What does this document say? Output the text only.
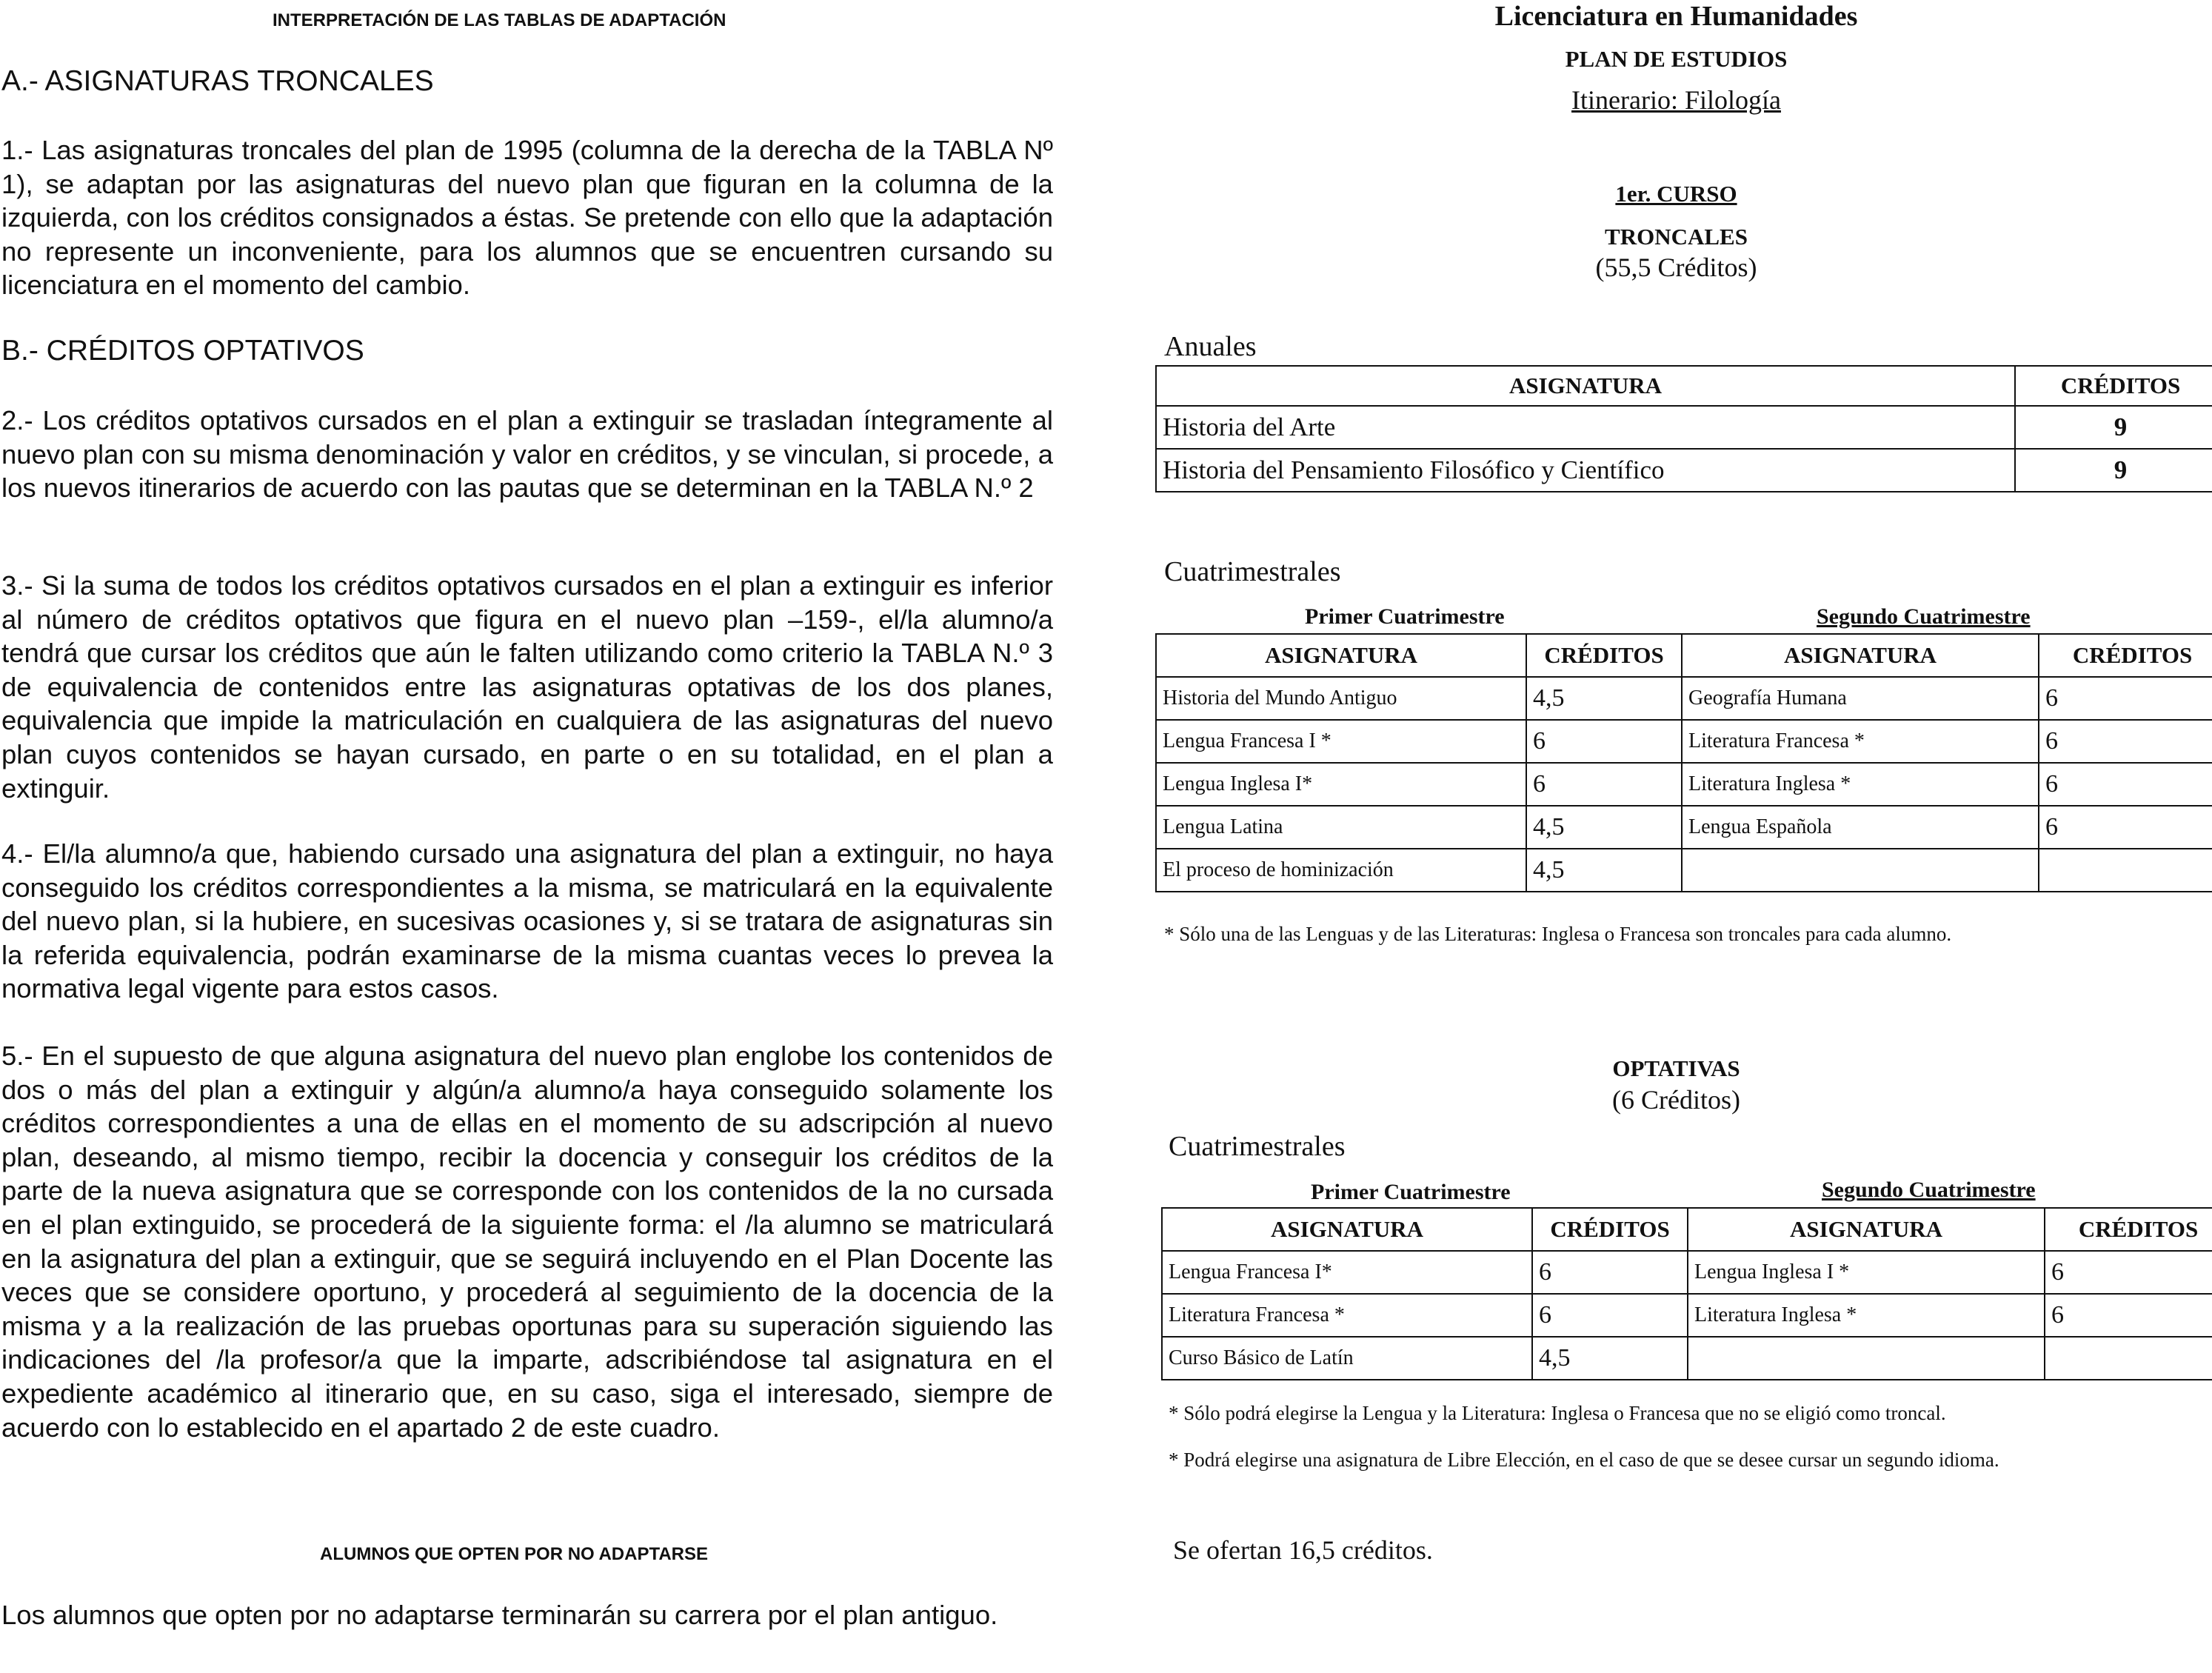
INTERPRETACIÓN DE LAS TABLAS DE ADAPTACIÓN
A.- ASIGNATURAS TRONCALES

1.- Las asignaturas troncales del plan de 1995 (columna de la derecha de la TABLA Nº 1), se adaptan por las asignaturas del nuevo plan que figuran en la columna de la izquierda, con los créditos consignados a éstas. Se pretende con ello que la adaptación no represente un inconveniente, para los alumnos que se encuentren cursando su licenciatura en el momento del cambio.

B.- CRÉDITOS OPTATIVOS

2.- Los créditos optativos cursados en el plan a extinguir se trasladan íntegramente al nuevo plan con su misma denominación y valor en créditos, y se vinculan, si procede, a los nuevos itinerarios de acuerdo con las pautas que se determinan en la TABLA N.º 2

3.- Si la suma de todos los créditos optativos cursados en el plan a extinguir es inferior al número de créditos optativos que figura en el nuevo plan –159-, el/la alumno/a tendrá que cursar los créditos que aún le falten utilizando como criterio la TABLA N.º 3 de equivalencia de contenidos entre las asignaturas optativas de los dos planes, equivalencia que impide la matriculación en cualquiera de las asignaturas del nuevo plan cuyos contenidos se hayan cursado, en parte o en su totalidad, en el plan a extinguir.

4.- El/la alumno/a que, habiendo cursado una asignatura del plan a extinguir, no haya conseguido los créditos correspondientes a la misma, se matriculará en la equivalente del nuevo plan, si la hubiere, en sucesivas ocasiones y, si se tratara de asignaturas sin la referida equivalencia, podrán examinarse de la misma cuantas veces lo prevea la normativa legal vigente para estos casos.

5.- En el supuesto de que alguna asignatura del nuevo plan englobe los contenidos de dos o más del plan a extinguir y algún/a alumno/a haya conseguido solamente los créditos correspondientes a una de ellas en el momento de su adscripción al nuevo plan, deseando, al mismo tiempo, recibir la docencia y conseguir los créditos de la parte de la nueva asignatura que se corresponde con los contenidos de la no cursada en el plan extinguido, se procederá de la siguiente forma: el /la alumno se matriculará en la asignatura del plan a extinguir, que se seguirá incluyendo en el Plan Docente las veces que se considere oportuno, y procederá al seguimiento de la docencia de la misma y a la realización de las pruebas oportunas para su superación siguiendo las indicaciones del /la profesor/a que la imparte, adscribiéndose tal asignatura en el expediente académico al itinerario que, en su caso, siga el interesado, siempre de acuerdo con lo establecido en el apartado 2 de este cuadro.

ALUMNOS QUE OPTEN POR NO ADAPTARSE

Los alumnos que opten por no adaptarse terminarán su carrera por el plan antiguo.

Licenciatura en Humanidades
PLAN DE ESTUDIOS
Itinerario: Filología
1er. CURSO
TRONCALES
(55,5 Créditos)
Anuales
ASIGNATURA	CRÉDITOS
Historia del Arte	9
Historia del Pensamiento Filosófico y Científico	9
Cuatrimestrales
Primer Cuatrimestre	Segundo Cuatrimestre
ASIGNATURA	CRÉDITOS	ASIGNATURA	CRÉDITOS
Historia del Mundo Antiguo	4,5	Geografía Humana	6
Lengua Francesa I *	6	Literatura Francesa *	6
Lengua Inglesa I*	6	Literatura Inglesa *	6
Lengua Latina	4,5	Lengua Española	6
El proceso de hominización	4,5		
* Sólo una de las Lenguas y de las Literaturas: Inglesa o Francesa son troncales para cada alumno.
OPTATIVAS
(6 Créditos)
Cuatrimestrales
Primer Cuatrimestre	Segundo Cuatrimestre
ASIGNATURA	CRÉDITOS	ASIGNATURA	CRÉDITOS
Lengua Francesa I*	6	Lengua Inglesa I *	6
Literatura Francesa *	6	Literatura Inglesa *	6
Curso Básico de Latín	4,5		
* Sólo podrá elegirse la Lengua y la Literatura: Inglesa o Francesa que no se eligió como troncal.
* Podrá elegirse una asignatura de Libre Elección, en el caso de que se desee cursar un segundo idioma.
Se ofertan 16,5 créditos.
